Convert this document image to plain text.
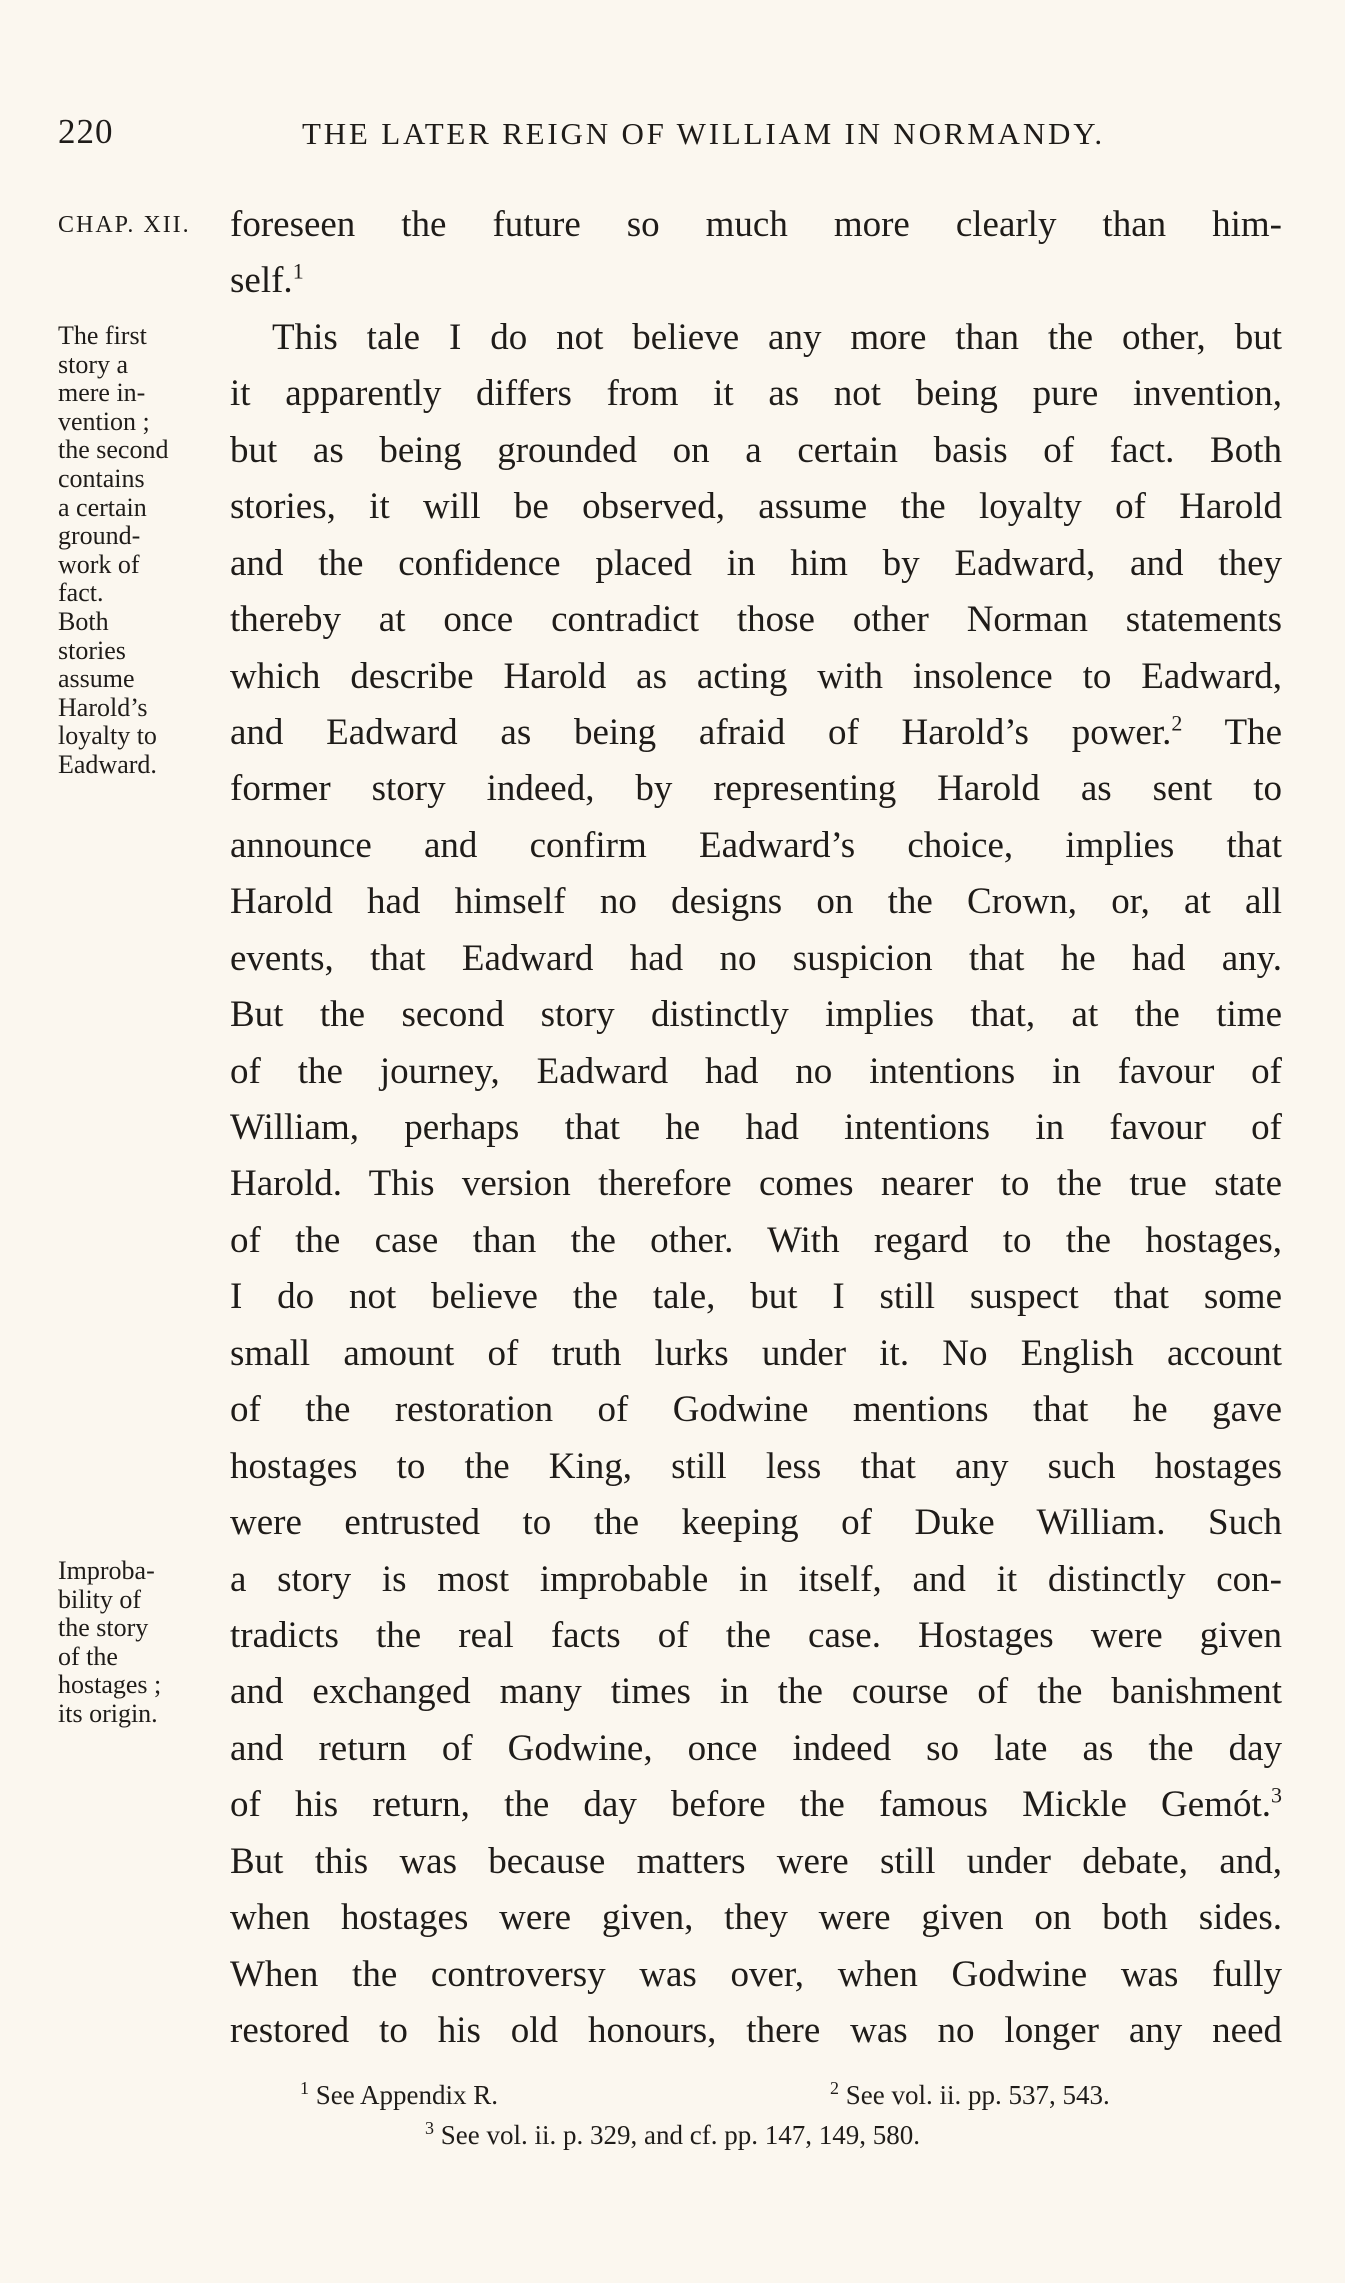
220	THE LATER REIGN OF WILLIAM IN NORMANDY.
CHAP. XII.
The first
story a
mere in-
vention ;
the second
contains
a certain
ground-
work of
fact.
Both
stories
assume
Harold’s
loyalty to
Eadward.
Improba-
bility of
the story
of the
hostages ;
its origin.
foreseen the future so much more clearly than him-
self.$^1$
This tale I do not believe any more than the other, but
it apparently differs from it as not being pure invention,
but as being grounded on a certain basis of fact. Both
stories, it will be observed, assume the loyalty of Harold
and the confidence placed in him by Eadward, and they
thereby at once contradict those other Norman statements
which describe Harold as acting with insolence to Eadward,
and Eadward as being afraid of Harold’s power.$^2$ The
former story indeed, by representing Harold as sent to
announce and confirm Eadward’s choice, implies that
Harold had himself no designs on the Crown, or, at all
events, that Eadward had no suspicion that he had any.
But the second story distinctly implies that, at the time
of the journey, Eadward had no intentions in favour of
William, perhaps that he had intentions in favour of
Harold. This version therefore comes nearer to the true state
of the case than the other. With regard to the hostages,
I do not believe the tale, but I still suspect that some
small amount of truth lurks under it. No English account
of the restoration of Godwine mentions that he gave
hostages to the King, still less that any such hostages
were entrusted to the keeping of Duke William. Such
a story is most improbable in itself, and it distinctly con-
tradicts the real facts of the case. Hostages were given
and exchanged many times in the course of the banishment
and return of Godwine, once indeed so late as the day
of his return, the day before the famous Mickle Gemót.$^3$
But this was because matters were still under debate, and,
when hostages were given, they were given on both sides.
When the controversy was over, when Godwine was fully
restored to his old honours, there was no longer any need
$^1$ See Appendix R.	$^2$ See vol. ii. pp. 537, 543.
$^3$ See vol. ii. p. 329, and cf. pp. 147, 149, 580.
